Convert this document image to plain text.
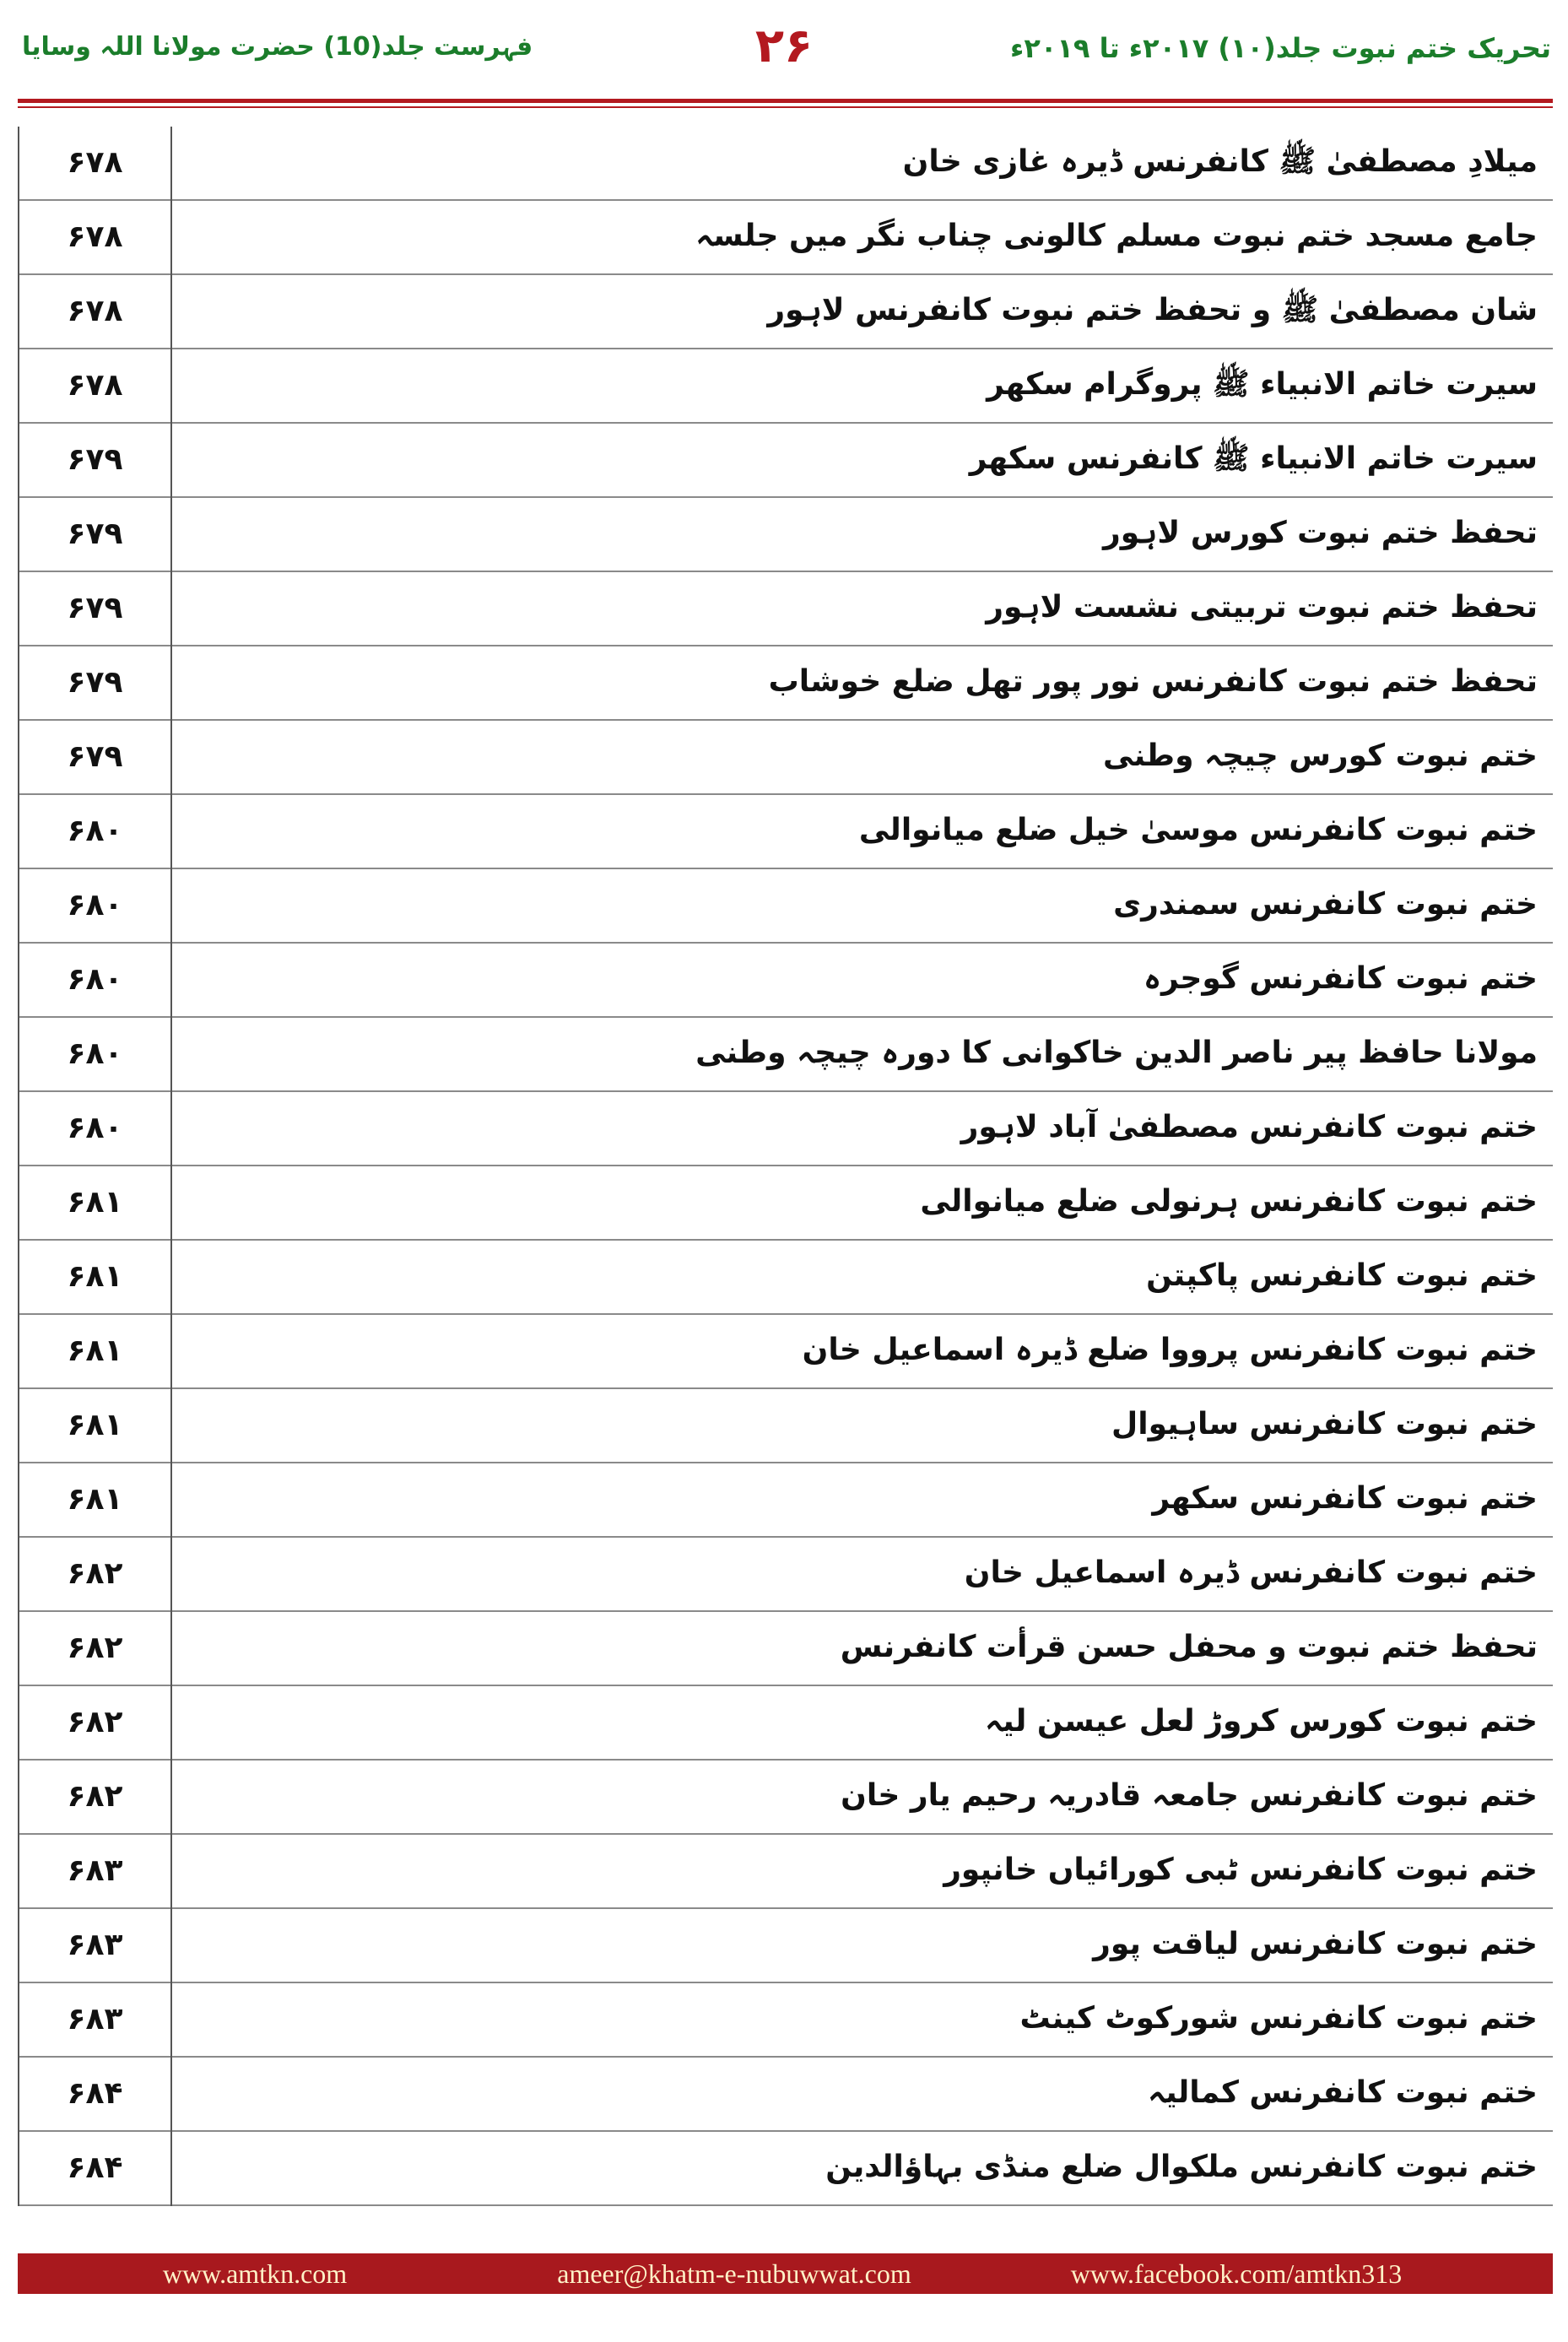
تحریک ختم نبوت جلد(۱۰) ۲۰۱۷ء تا ۲۰۱۹ء
۲۶
فہرست جلد(10) حضرت مولانا اللہ وسایا
میلادِ مصطفیٰ ﷺ کانفرنس ڈیرہ غازی خان
۶۷۸
جامع مسجد ختم نبوت مسلم کالونی چناب نگر میں جلسہ
۶۷۸
شان مصطفیٰ ﷺ و تحفظ ختم نبوت کانفرنس لاہور
۶۷۸
سیرت خاتم الانبیاء ﷺ پروگرام سکھر
۶۷۸
سیرت خاتم الانبیاء ﷺ کانفرنس سکھر
۶۷۹
تحفظ ختم نبوت کورس لاہور
۶۷۹
تحفظ ختم نبوت تربیتی نشست لاہور
۶۷۹
تحفظ ختم نبوت کانفرنس نور پور تھل ضلع خوشاب
۶۷۹
ختم نبوت کورس چیچہ وطنی
۶۷۹
ختم نبوت کانفرنس موسیٰ خیل ضلع میانوالی
۶۸۰
ختم نبوت کانفرنس سمندری
۶۸۰
ختم نبوت کانفرنس گوجرہ
۶۸۰
مولانا حافظ پیر ناصر الدین خاکوانی کا دورہ چیچہ وطنی
۶۸۰
ختم نبوت کانفرنس مصطفیٰ آباد لاہور
۶۸۰
ختم نبوت کانفرنس ہرنولی ضلع میانوالی
۶۸۱
ختم نبوت کانفرنس پاکپتن
۶۸۱
ختم نبوت کانفرنس پرووا ضلع ڈیرہ اسماعیل خان
۶۸۱
ختم نبوت کانفرنس ساہیوال
۶۸۱
ختم نبوت کانفرنس سکھر
۶۸۱
ختم نبوت کانفرنس ڈیرہ اسماعیل خان
۶۸۲
تحفظ ختم نبوت و محفل حسن قرأت کانفرنس
۶۸۲
ختم نبوت کورس کروڑ لعل عیسن لیہ
۶۸۲
ختم نبوت کانفرنس جامعہ قادریہ رحیم یار خان
۶۸۲
ختم نبوت کانفرنس ٹبی کورائیاں خانپور
۶۸۳
ختم نبوت کانفرنس لیاقت پور
۶۸۳
ختم نبوت کانفرنس شورکوٹ کینٹ
۶۸۳
ختم نبوت کانفرنس کمالیہ
۶۸۴
ختم نبوت کانفرنس ملکوال ضلع منڈی بہاؤالدین
۶۸۴
www.amtkn.com	ameer@khatm-e-nubuwwat.com	www.facebook.com/amtkn313
